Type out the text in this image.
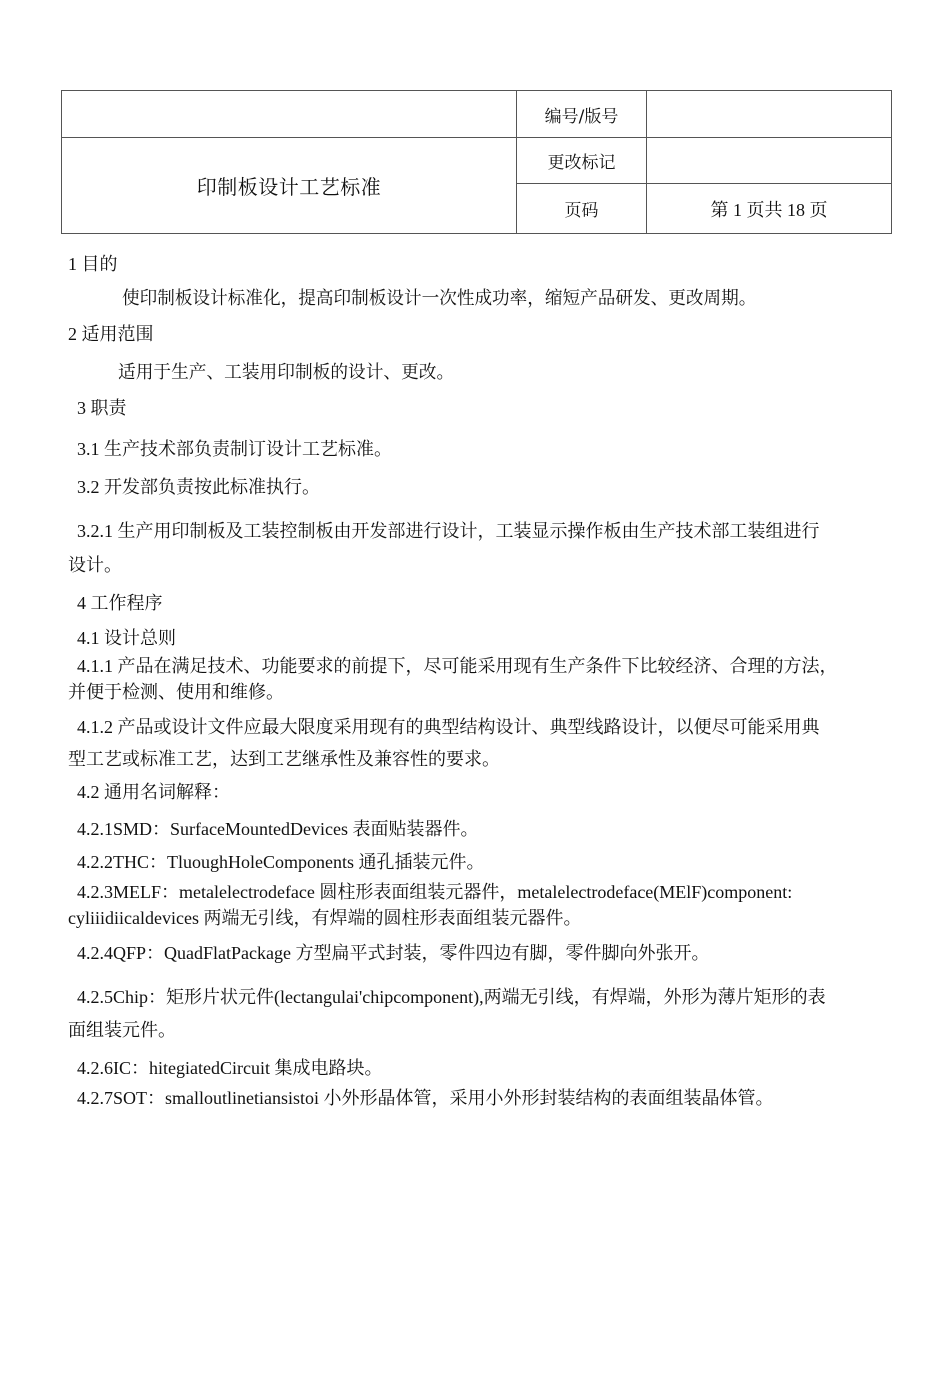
	编号/版号	
印制板设计工艺标准	更改标记	
	页码	第 1 页共 18 页
1 目的
使印制板设计标准化，提高印制板设计一次性成功率，缩短产品研发、更改周期。
2 适用范围
适用于生产、工装用印制板的设计、更改。
3 职责
3.1 生产技术部负责制订设计工艺标准。
3.2 开发部负责按此标准执行。
3.2.1 生产用印制板及工装控制板由开发部进行设计，工装显示操作板由生产技术部工装组进行
设计。
4 工作程序
4.1 设计总则
4.1.1 产品在满足技术、功能要求的前提下，尽可能采用现有生产条件下比较经济、合理的方法，
并便于检测、使用和维修。
4.1.2 产品或设计文件应最大限度采用现有的典型结构设计、典型线路设计，以便尽可能采用典
型工艺或标准工艺，达到工艺继承性及兼容性的要求。
4.2 通用名词解释：
4.2.1SMD：SurfaceMountedDevices 表面贴装器件。
4.2.2THC：TluoughHoleComponents 通孔插装元件。
4.2.3MELF：metalelectrodeface 圆柱形表面组装元器件，metalelectrodeface(MElF)component:
cyliiidiicaldevices 两端无引线，有焊端的圆柱形表面组装元器件。
4.2.4QFP：QuadFlatPackage 方型扁平式封装，零件四边有脚，零件脚向外张开。
4.2.5Chip：矩形片状元件(lectangulai'chipcomponent),两端无引线，有焊端，外形为薄片矩形的表
面组装元件。
4.2.6IC：hitegiatedCircuit 集成电路块。
4.2.7SOT：smalloutlinetiansistoi 小外形晶体管，采用小外形封装结构的表面组装晶体管。
